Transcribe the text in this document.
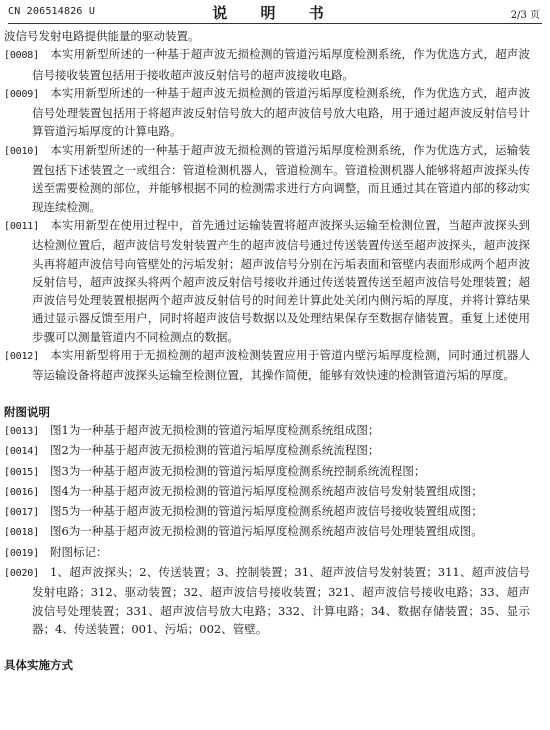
CN 206514826 U	说 明 书	2/3 页

波信号发射电路提供能量的驱动装置。

[0008] 本实用新型所述的一种基于超声波无损检测的管道污垢厚度检测系统，作为优选方式，超声波信号接收装置包括用于接收超声波反射信号的超声波接收电路。

[0009] 本实用新型所述的一种基于超声波无损检测的管道污垢厚度检测系统，作为优选方式，超声波信号处理装置包括用于将超声波反射信号放大的超声波信号放大电路，用于通过超声波反射信号计算管道污垢厚度的计算电路。

[0010] 本实用新型所述的一种基于超声波无损检测的管道污垢厚度检测系统，作为优选方式，运输装置包括下述装置之一或组合：管道检测机器人，管道检测车。管道检测机器人能够将超声波探头传送至需要检测的部位，并能够根据不同的检测需求进行方向调整，而且通过其在管道内部的移动实现连续检测。

[0011] 本实用新型在使用过程中，首先通过运输装置将超声波探头运输至检测位置，当超声波探头到达检测位置后，超声波信号发射装置产生的超声波信号通过传送装置传送至超声波探头，超声波探头再将超声波信号向管壁处的污垢发射；超声波信号分别在污垢表面和管壁内表面形成两个超声波反射信号，超声波探头将两个超声波反射信号接收并通过传送装置传送至超声波信号处理装置；超声波信号处理装置根据两个超声波反射信号的时间差计算此处关闭内侧污垢的厚度，并将计算结果通过显示器反馈至用户，同时将超声波信号数据以及处理结果保存至数据存储装置。重复上述使用步骤可以测量管道内不同检测点的数据。

[0012] 本实用新型将用于无损检测的超声波检测装置应用于管道内壁污垢厚度检测，同时通过机器人等运输设备将超声波探头运输至检测位置，其操作简便，能够有效快速的检测管道污垢的厚度。

附图说明

[0013] 图1为一种基于超声波无损检测的管道污垢厚度检测系统组成图；

[0014] 图2为一种基于超声波无损检测的管道污垢厚度检测系统流程图；

[0015] 图3为一种基于超声波无损检测的管道污垢厚度检测系统控制系统流程图；

[0016] 图4为一种基于超声波无损检测的管道污垢厚度检测系统超声波信号发射装置组成图；

[0017] 图5为一种基于超声波无损检测的管道污垢厚度检测系统超声波信号接收装置组成图；

[0018] 图6为一种基于超声波无损检测的管道污垢厚度检测系统超声波信号处理装置组成图。

[0019] 附图标记：

[0020] 1、超声波探头；2、传送装置；3、控制装置；31、超声波信号发射装置；311、超声波信号发射电路；312、驱动装置；32、超声波信号接收装置；321、超声波信号接收电路；33、超声波信号处理装置；331、超声波信号放大电路；332、计算电路；34、数据存储装置；35、显示器；4、传送装置；001、污垢；002、管壁。

具体实施方式
